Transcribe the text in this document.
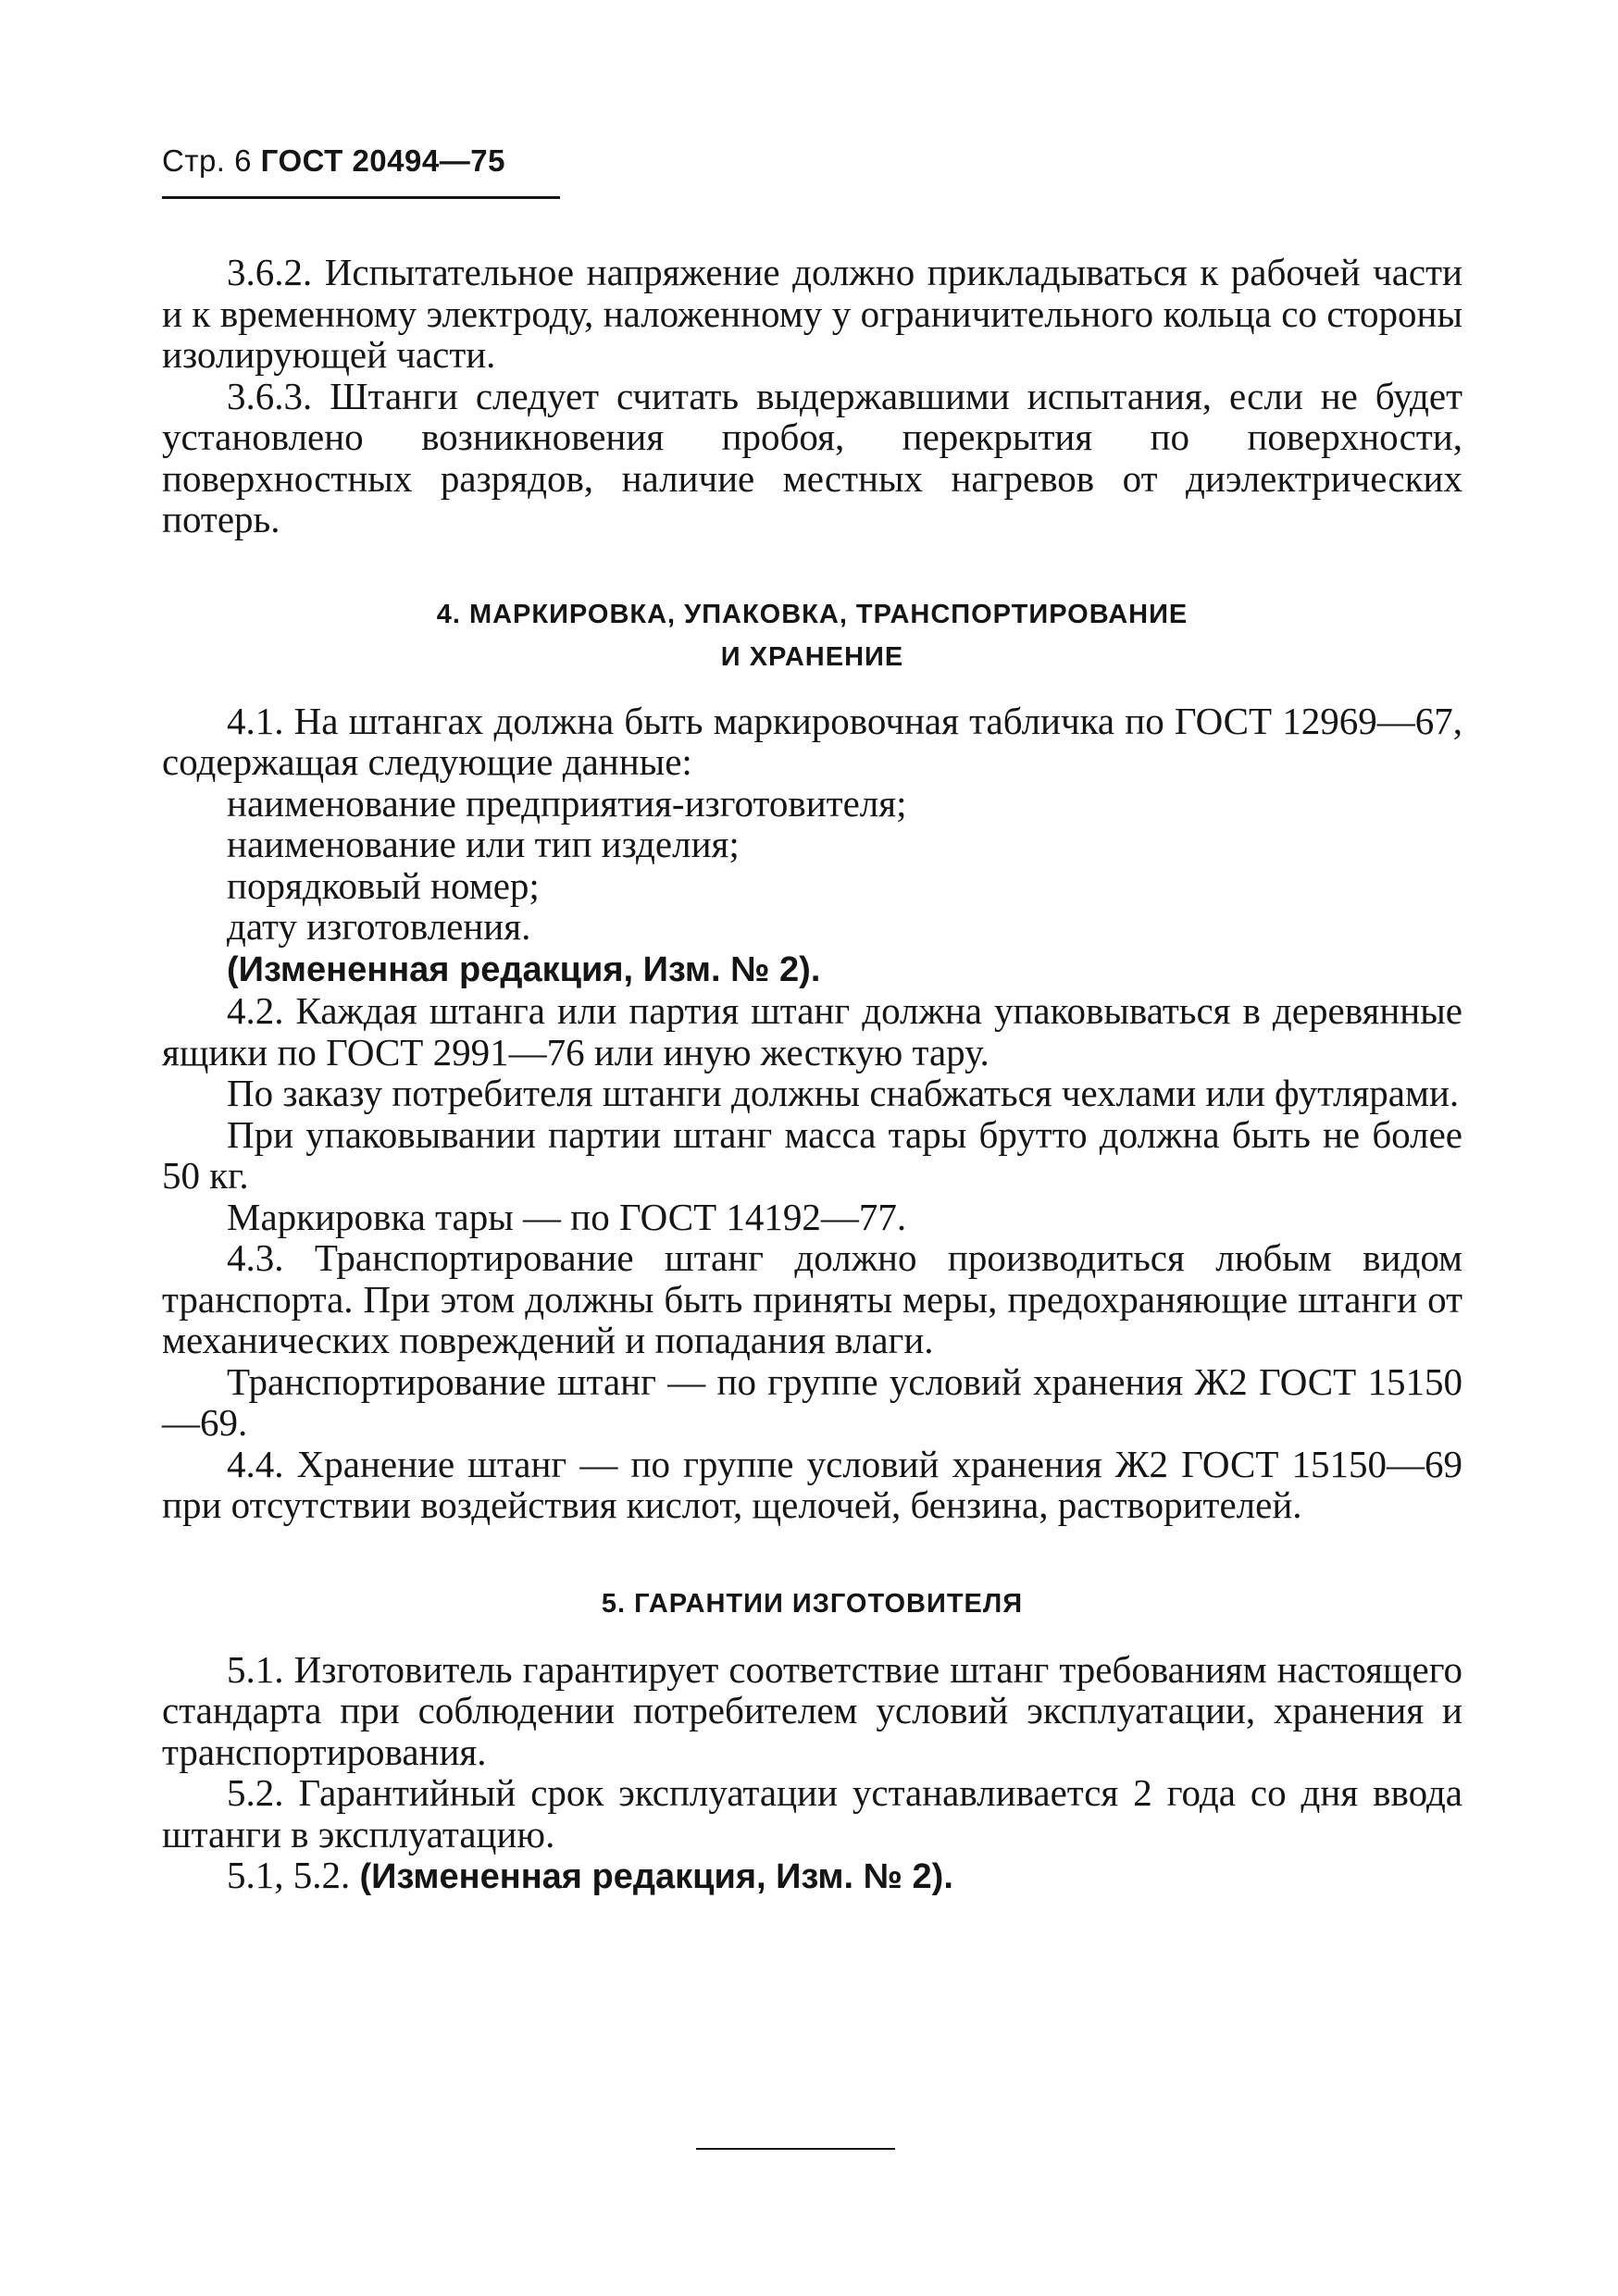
Стр. 6 ГОСТ 20494—75

3.6.2. Испытательное напряжение должно прикладываться к рабочей части и к временному электроду, наложенному у ограничительного кольца со стороны изолирующей части.

3.6.3. Штанги следует считать выдержавшими испытания, если не будет установлено возникновения пробоя, перекрытия по поверхности, поверхностных разрядов, наличие местных нагревов от диэлектрических потерь.

4. МАРКИРОВКА, УПАКОВКА, ТРАНСПОРТИРОВАНИЕ
И ХРАНЕНИЕ

4.1. На штангах должна быть маркировочная табличка по ГОСТ 12969—67, содержащая следующие данные:

наименование предприятия-изготовителя;
наименование или тип изделия;
порядковый номер;
дату изготовления.
(Измененная редакция, Изм. № 2).

4.2. Каждая штанга или партия штанг должна упаковываться в деревянные ящики по ГОСТ 2991—76 или иную жесткую тару.

По заказу потребителя штанги должны снабжаться чехлами или футлярами.

При упаковывании партии штанг масса тары брутто должна быть не более 50 кг.

Маркировка тары — по ГОСТ 14192—77.

4.3. Транспортирование штанг должно производиться любым видом транспорта. При этом должны быть приняты меры, предохраняющие штанги от механических повреждений и попадания влаги.

Транспортирование штанг — по группе условий хранения Ж2 ГОСТ 15150—69.

4.4. Хранение штанг — по группе условий хранения Ж2 ГОСТ 15150—69 при отсутствии воздействия кислот, щелочей, бензина, растворителей.

5. ГАРАНТИИ ИЗГОТОВИТЕЛЯ

5.1. Изготовитель гарантирует соответствие штанг требованиям настоящего стандарта при соблюдении потребителем условий эксплуатации, хранения и транспортирования.

5.2. Гарантийный срок эксплуатации устанавливается 2 года со дня ввода штанги в эксплуатацию.

5.1, 5.2. (Измененная редакция, Изм. № 2).
